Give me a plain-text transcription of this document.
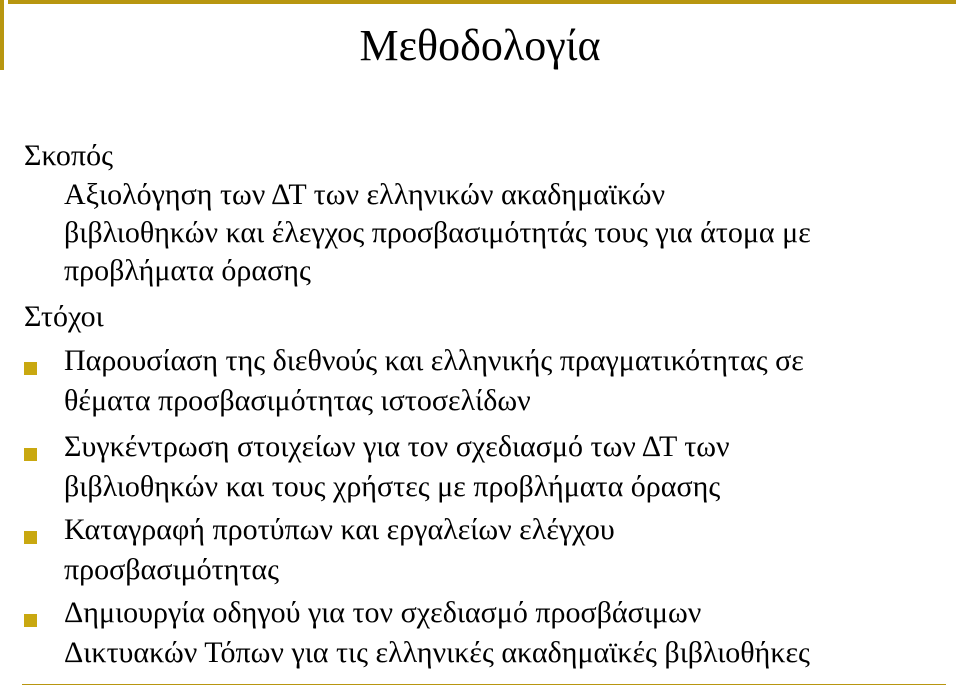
Μεθοδολογία
Σκοπός

Αξιολόγηση των ΔΤ των ελληνικών ακαδημαϊκών

βιβλιοθηκών και έλεγχος προσβασιμότητάς τους για άτομα με

προβλήματα όρασης

Στόχοι

Παρουσίαση της διεθνούς και ελληνικής πραγματικότητας σε

θέματα προσβασιμότητας ιστοσελίδων

Συγκέντρωση στοιχείων για τον σχεδιασμό των ΔΤ των

βιβλιοθηκών και τους χρήστες με προβλήματα όρασης

Καταγραφή προτύπων και εργαλείων ελέγχου

προσβασιμότητας

Δημιουργία οδηγού για τον σχεδιασμό προσβάσιμων

Δικτυακών Τόπων για τις ελληνικές ακαδημαϊκές βιβλιοθήκες
